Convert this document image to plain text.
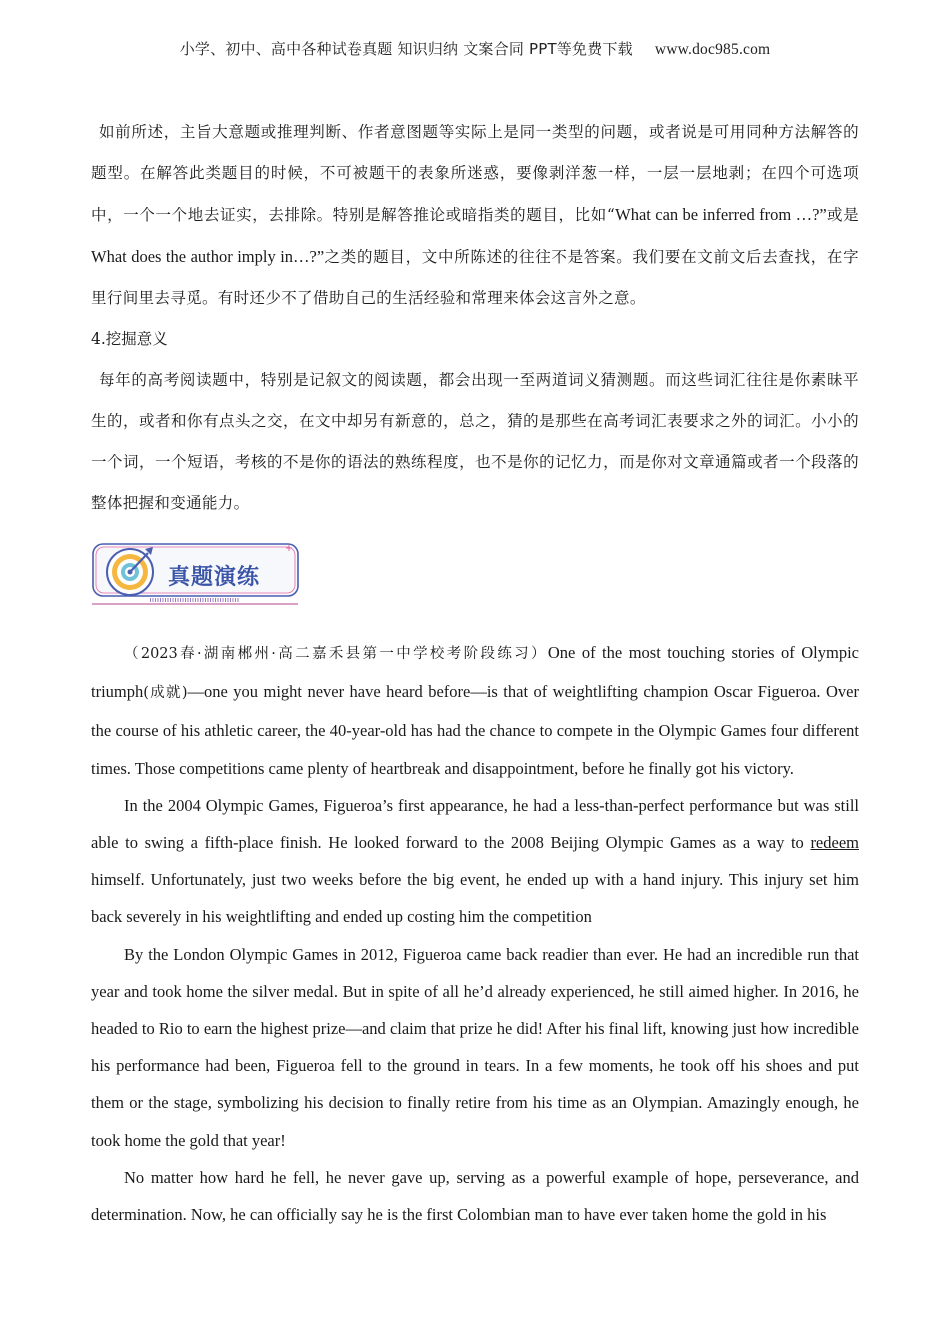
小学、初中、高中各种试卷真题 知识归纳 文案合同 PPT等免费下载 www.doc985.com

如前所述，主旨大意题或推理判断、作者意图题等实际上是同一类型的问题，或者说是可用同种方法解答的题型。在解答此类题目的时候，不可被题干的表象所迷惑，要像剥洋葱一样，一层一层地剥；在四个可选项中，一个一个地去证实，去排除。特别是解答推论或暗指类的题目，比如“What can be inferred from …?”或是 What does the author imply in…?”之类的题目，文中所陈述的往往不是答案。我们要在文前文后去查找，在字里行间里去寻觅。有时还少不了借助自己的生活经验和常理来体会这言外之意。

4.挖掘意义

每年的高考阅读题中，特别是记叙文的阅读题，都会出现一至两道词义猜测题。而这些词汇往往是你素昧平生的，或者和你有点头之交，在文中却另有新意的，总之，猜的是那些在高考词汇表要求之外的词汇。小小的一个词，一个短语，考核的不是你的语法的熟练程度，也不是你的记忆力，而是你对文章通篇或者一个段落的整体把握和变通能力。

真题演练

（2023春·湖南郴州·高二嘉禾县第一中学校考阶段练习）One of the most touching stories of Olympic triumph(成就)—one you might never have heard before—is that of weightlifting champion Oscar Figueroa. Over the course of his athletic career, the 40-year-old has had the chance to compete in the Olympic Games four different times. Those competitions came plenty of heartbreak and disappointment, before he finally got his victory.

In the 2004 Olympic Games, Figueroa’s first appearance, he had a less-than-perfect performance but was still able to swing a fifth-place finish. He looked forward to the 2008 Beijing Olympic Games as a way to redeem himself. Unfortunately, just two weeks before the big event, he ended up with a hand injury. This injury set him back severely in his weightlifting and ended up costing him the competition

By the London Olympic Games in 2012, Figueroa came back readier than ever. He had an incredible run that year and took home the silver medal. But in spite of all he’d already experienced, he still aimed higher. In 2016, he headed to Rio to earn the highest prize—and claim that prize he did! After his final lift, knowing just how incredible his performance had been, Figueroa fell to the ground in tears. In a few moments, he took off his shoes and put them or the stage, symbolizing his decision to finally retire from his time as an Olympian. Amazingly enough, he took home the gold that year!

No matter how hard he fell, he never gave up, serving as a powerful example of hope, perseverance, and determination. Now, he can officially say he is the first Colombian man to have ever taken home the gold in his
